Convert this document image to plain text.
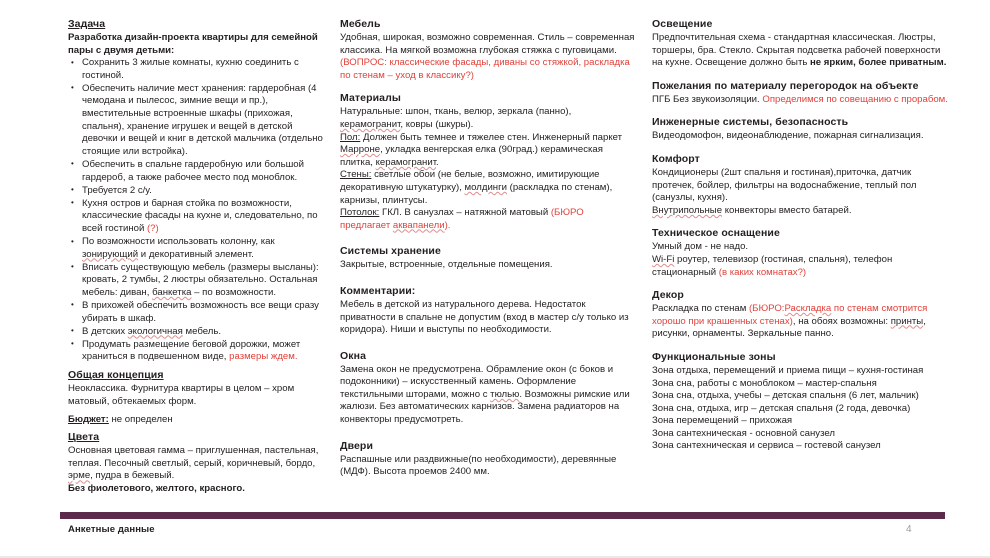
Задача
Разработка дизайн-проекта квартиры для семейной пары с двумя детьми:
• Сохранить 3 жилые комнаты, кухню соединить с гостиной.
• Обеспечить наличие мест хранения: гардеробная (4 чемодана и пылесос, зимние вещи и пр.), вместительные встроенные шкафы (прихожая, спальня), хранение игрушек и вещей в детской девочки и вещей и книг в детской мальчика (отдельно стоящие или встройка).
• Обеспечить в спальне гардеробную или большой гардероб, а также рабочее место под моноблок.
• Требуется 2 с/у.
• Кухня остров и барная стойка по возможности, классические фасады на кухне и, следовательно, по всей гостиной (?)
• По возможности использовать колонну, как зонирующий и декоративный элемент.
• Вписать существующую мебель (размеры высланы): кровать, 2 тумбы, 2 люстры обязательно. Остальная мебель: диван, банкетка – по возможности.
• В прихожей обеспечить возможность все вещи сразу убирать в шкаф.
• В детских экологичная мебель.
• Продумать размещение беговой дорожки, может храниться в подвешенном виде, размеры ждем.
Общая концепция
Неоклассика. Фурнитура квартиры в целом – хром матовый, обтекаемых форм.
Бюджет: не определен
Цвета
Основная цветовая гамма – приглушенная, пастельная, теплая. Песочный светлый, серый, коричневый, бордо, эрме, пудра в бежевый.
Без фиолетового, желтого, красного.
Мебель
Удобная, широкая, возможно современная. Стиль – современная классика. На мягкой возможна глубокая стяжка с пуговицами. (ВОПРОС: классические фасады, диваны со стяжкой, раскладка по стенам – уход в классику?)
Материалы
Натуральные: шпон, ткань, велюр, зеркала (панно), керамогранит, ковры (шкуры).
Пол: Должен быть темнее и тяжелее стен. Инженерный паркет Марроне, укладка венгерская елка (90град.) керамическая плитка, керамогранит.
Стены: светлые обои (не белые, возможно, имитирующие декоративную штукатурку), молдинги (раскладка по стенам), карнизы, плинтусы.
Потолок: ГКЛ. В санузлах – натяжной матовый (БЮРО предлагает аквапанели).
Системы хранение
Закрытые, встроенные, отдельные помещения.
Комментарии:
Мебель в детской из натурального дерева. Недостаток приватности в спальне не допустим (вход в мастер с/у только из коридора). Ниши и выступы по необходимости.
Окна
Замена окон не предусмотрена. Обрамление окон (с боков и подоконники) – искусственный камень. Оформление текстильными шторами, можно с тюлью. Возможны римские или жалюзи. Без автоматических карнизов. Замена радиаторов на конвекторы предусмотреть.
Двери
Распашные или раздвижные(по необходимости), деревянные (МДФ). Высота проемов 2400 мм.
Освещение
Предпочтительная схема - стандартная классическая. Люстры, торшеры, бра. Стекло. Скрытая подсветка рабочей поверхности на кухне. Освещение должно быть не ярким, более приватным.
Пожелания по материалу перегородок на объекте
ПГБ Без звукоизоляции. Определимся по совещанию с прорабом.
Инженерные системы, безопасность
Видеодомофон, видеонаблюдение, пожарная сигнализация.
Комфорт
Кондиционеры (2шт спальня и гостиная),приточка, датчик протечек, бойлер, фильтры на водоснабжение, теплый пол (санузлы, кухня).
Внутрипольные конвекторы вместо батарей.
Техническое оснащение
Умный дом - не надо.
Wi-Fi роутер, телевизор (гостиная, спальня), телефон стационарный (в каких комнатах?)
Декор
Раскладка по стенам (БЮРО:Раскладка по стенам смотрится хорошо при крашенных стенах), на обоях возможны: принты, рисунки, орнаменты. Зеркальные панно.
Функциональные зоны
Зона отдыха, перемещений и приема пищи – кухня-гостиная
Зона сна, работы с моноблоком – мастер-спальня
Зона сна, отдыха, учебы – детская спальня (6 лет, мальчик)
Зона сна, отдыха, игр – детская спальня (2 года, девочка)
Зона перемещений – прихожая
Зона сантехническая - основной санузел
Зона сантехническая и сервиса – гостевой санузел
Анкетные данные	4
